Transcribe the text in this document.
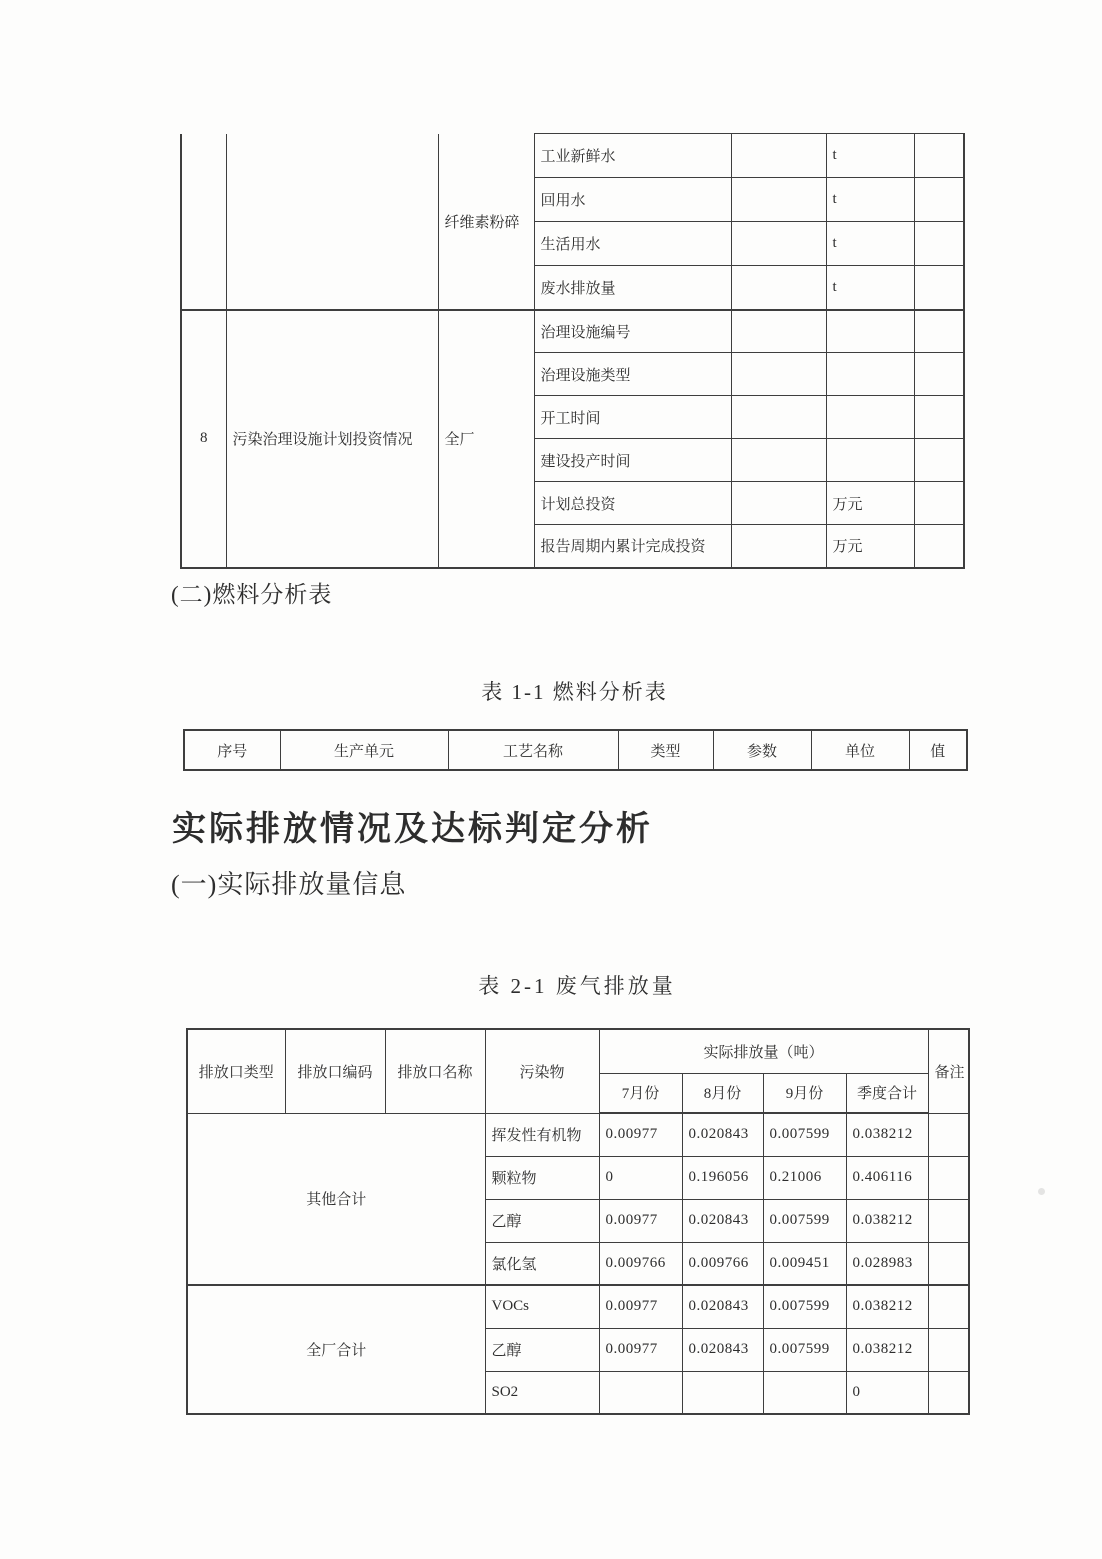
		纤维素粉碎	工业新鲜水		t	
			回用水		t	
			生活用水		t	
			废水排放量		t	
8	污染治理设施计划投资情况	全厂	治理设施编号			
			治理设施类型			
			开工时间			
			建设投产时间			
			计划总投资		万元	
			报告周期内累计完成投资		万元	
(二)燃料分析表
表 1-1 燃料分析表
序号	生产单元	工艺名称	类型	参数	单位	值
实际排放情况及达标判定分析
(一)实际排放量信息
表 2-1 废气排放量
排放口类型	排放口编码	排放口名称	污染物	实际排放量（吨）				备注
				7月份	8月份	9月份	季度合计	
其他合计			挥发性有机物	0.00977	0.020843	0.007599	0.038212	
			颗粒物	0	0.196056	0.21006	0.406116	
			乙醇	0.00977	0.020843	0.007599	0.038212	
			氯化氢	0.009766	0.009766	0.009451	0.028983	
全厂合计			VOCs	0.00977	0.020843	0.007599	0.038212	
			乙醇	0.00977	0.020843	0.007599	0.038212	
			SO2				0	
